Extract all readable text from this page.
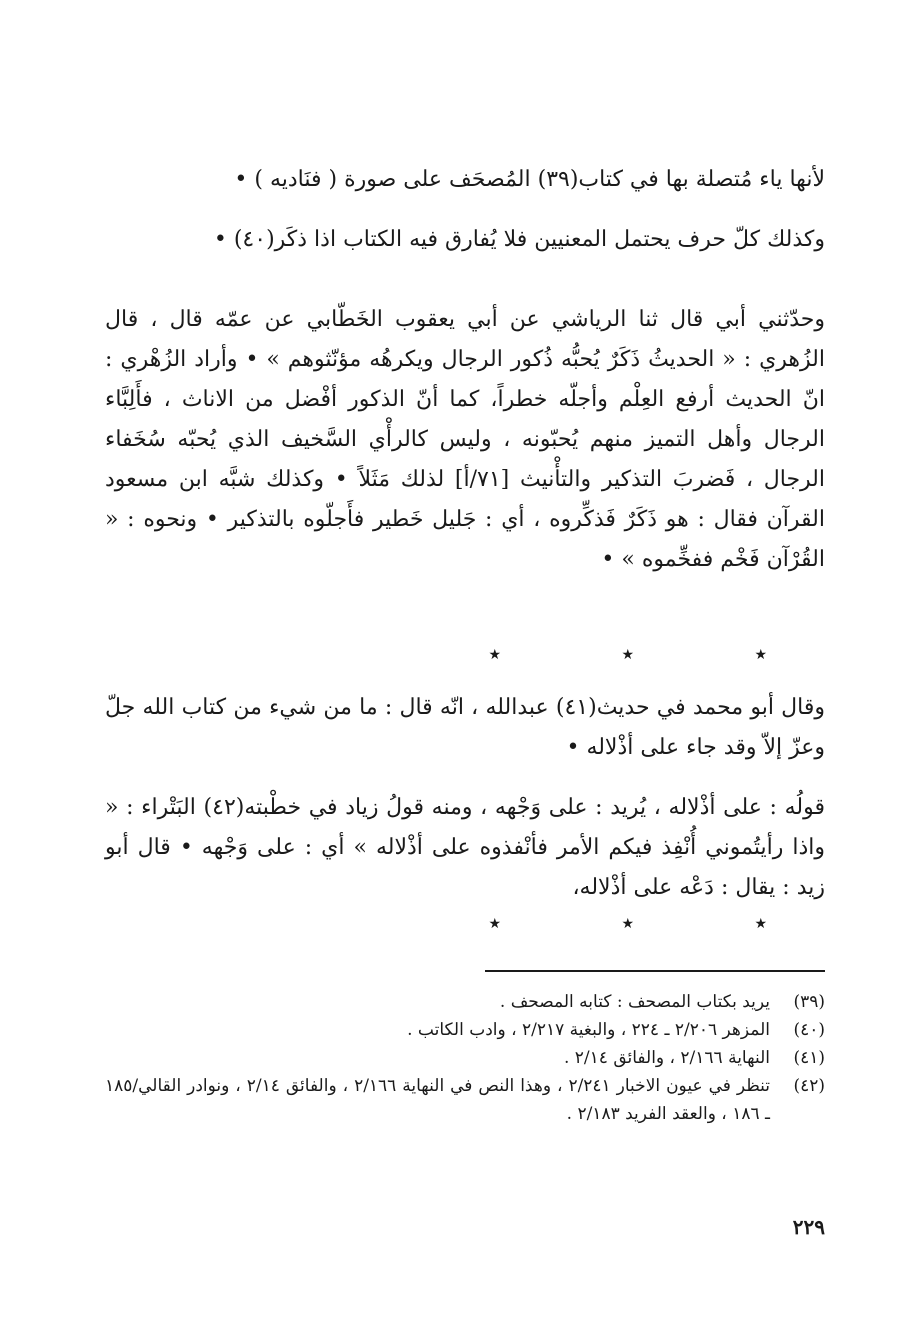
لأنها ياء مُتصلة بها في كتاب(٣٩) المُصحَف على صورة ( فنَاديه ) •

وكذلك كلّ حرف يحتمل المعنيين فلا يُفارق فيه الكتاب اذا ذكَر(٤٠) •

وحدّثني أبي قال ثنا الرياشي عن أبي يعقوب الخَطّابي عن عمّه قال ، قال الزُهري : « الحديثُ ذَكَرٌ يُحبُّه ذُكور الرجال ويكرهُه مؤنّثوهم » • وأراد الزُهْري : انّ الحديث أرفع العِلْم وأجلّه خطراً، كما أنّ الذكور أفْضل من الاناث ، فأَلِبَّاء الرجال وأهل التميز منهم يُحبّونه ، وليس كالرأْي السَّخيف الذي يُحبّه سُخَفاء الرجال ، فَضربَ التذكير والتأْنيث [٧١/أ] لذلك مَثَلاً • وكذلك شبَّه ابن مسعود القرآن فقال : هو ذَكَرٌ فَذكِّروه ، أي : جَليل خَطير فأَجلّوه بالتذكير • ونحوه : « القُرْآن فَخْم ففخِّموه » •

★ ★ ★

وقال أبو محمد في حديث(٤١) عبدالله ، انّه قال : ما من شيء من كتاب الله جلّ وعزّ إلاّ وقد جاء على أذْلاله •

قولُه : على أذْلاله ، يُريد : على وَجْهه ، ومنه قولُ زياد في خطْبته(٤٢) البَتْراء : « واذا رأيتُموني أُنْفِذ فيكم الأمر فأنْفذوه على أذْلاله » أي : على وَجْهه • قال أبو زيد : يقال : دَعْه على أذْلاله،

★ ★ ★
(٣٩)
يريد بكتاب المصحف : كتابه المصحف .
(٤٠)
المزهر ٢/٢٠٦ ـ ٢٢٤ ، والبغية ٢/٢١٧ ، وادب الكاتب .
(٤١)
النهاية ٢/١٦٦ ، والفائق ٢/١٤ .
(٤٢)
تنظر في عيون الاخبار ٢/٢٤١ ، وهذا النص في النهاية ٢/١٦٦ ، والفائق ٢/١٤ ، ونوادر القالي/١٨٥ ـ ١٨٦ ، والعقد الفريد ٢/١٨٣ .
٢٢٩
